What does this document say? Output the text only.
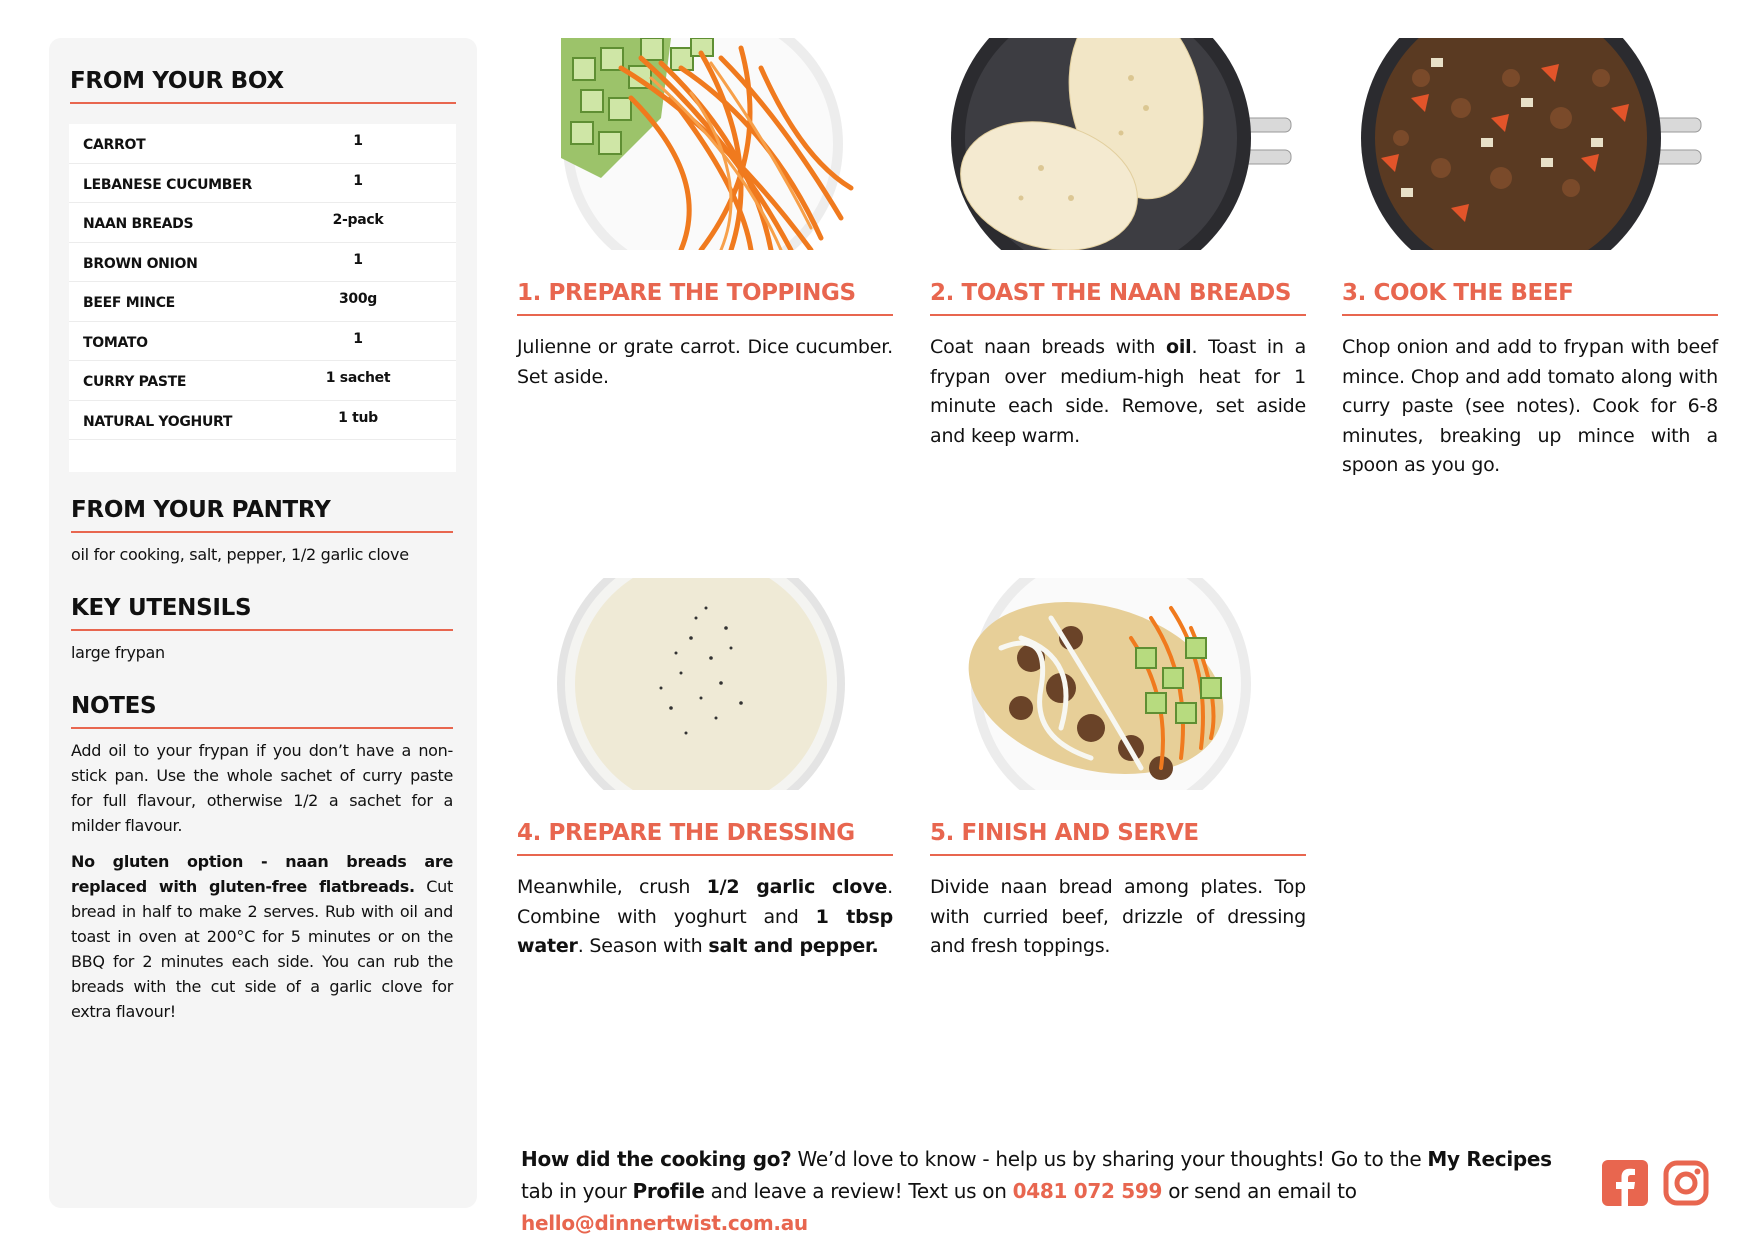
FROM YOUR BOX
CARROT	1
LEBANESE CUCUMBER	1
NAAN BREADS	2-pack
BROWN ONION	1
BEEF MINCE	300g
TOMATO	1
CURRY PASTE	1 sachet
NATURAL YOGHURT	1 tub
FROM YOUR PANTRY
oil for cooking, salt, pepper, 1/2 garlic clove
KEY UTENSILS
large frypan
NOTES

Add oil to your frypan if you don’t have a non-stick pan. Use the whole sachet of curry paste for full flavour, otherwise 1/2 a sachet for a milder flavour.

No gluten option - naan breads are replaced with gluten-free flatbreads. Cut bread in half to make 2 serves. Rub with oil and toast in oven at 200°C for 5 minutes or on the BBQ for 2 minutes each side. You can rub the breads with the cut side of a garlic clove for extra flavour!

1. PREPARE THE TOPPINGS
Julienne or grate carrot. Dice cucumber. Set aside.
2. TOAST THE NAAN BREADS
Coat naan breads with oil. Toast in a frypan over medium-high heat for 1 minute each side. Remove, set aside and keep warm.
3. COOK THE BEEF
Chop onion and add to frypan with beef mince. Chop and add tomato along with curry paste (see notes). Cook for 6-8 minutes, breaking up mince with a spoon as you go.
4. PREPARE THE DRESSING
Meanwhile, crush 1/2 garlic clove. Combine with yoghurt and 1 tbsp water. Season with salt and pepper.
5. FINISH AND SERVE
Divide naan bread among plates. Top with curried beef, drizzle of dressing and fresh toppings.
How did the cooking go? We’d love to know - help us by sharing your thoughts! Go to the My Recipes tab in your Profile and leave a review! Text us on 0481 072 599 or send an email to hello@dinnertwist.com.au
